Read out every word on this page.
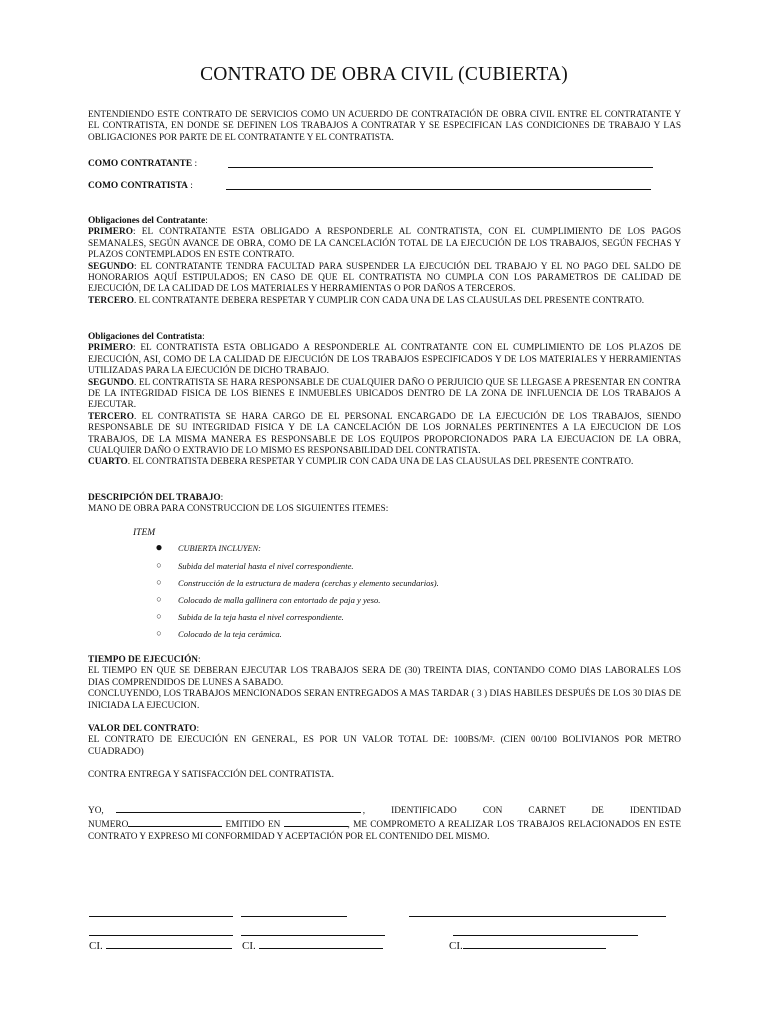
CONTRATO DE OBRA CIVIL (CUBIERTA)
ENTENDIENDO ESTE CONTRATO DE SERVICIOS COMO UN ACUERDO DE CONTRATACIÓN DE OBRA CIVIL ENTRE EL CONTRATANTE Y EL CONTRATISTA, EN DONDE SE DEFINEN LOS TRABAJOS A CONTRATAR Y SE ESPECIFICAN LAS CONDICIONES DE TRABAJO Y LAS OBLIGACIONES POR PARTE DE EL CONTRATANTE Y EL CONTRATISTA.
COMO CONTRATANTE :
COMO CONTRATISTA :
Obligaciones del Contratante:
PRIMERO: EL CONTRATANTE ESTA OBLIGADO A RESPONDERLE AL CONTRATISTA, CON EL CUMPLIMIENTO DE LOS PAGOS SEMANALES, SEGÚN AVANCE DE OBRA, COMO DE LA CANCELACIÓN TOTAL DE LA EJECUCIÓN DE LOS TRABAJOS, SEGÚN FECHAS Y PLAZOS CONTEMPLADOS EN ESTE CONTRATO.
SEGUNDO: EL CONTRATANTE TENDRA FACULTAD PARA SUSPENDER LA EJECUCIÓN DEL TRABAJO Y EL NO PAGO DEL SALDO DE HONORARIOS AQUÍ ESTIPULADOS; EN CASO DE QUE EL CONTRATISTA NO CUMPLA CON LOS PARAMETROS DE CALIDAD DE EJECUCIÓN, DE LA CALIDAD DE LOS MATERIALES Y HERRAMIENTAS O POR DAÑOS A TERCEROS.
TERCERO. EL CONTRATANTE DEBERA RESPETAR Y CUMPLIR CON CADA UNA DE LAS CLAUSULAS DEL PRESENTE CONTRATO.
Obligaciones del Contratista:
PRIMERO: EL CONTRATISTA ESTA OBLIGADO A RESPONDERLE AL CONTRATANTE CON EL CUMPLIMIENTO DE LOS PLAZOS DE EJECUCIÓN, ASI, COMO DE LA CALIDAD DE EJECUCIÓN DE LOS TRABAJOS ESPECIFICADOS Y DE LOS MATERIALES Y HERRAMIENTAS UTILIZADAS PARA LA EJECUCIÓN DE DICHO TRABAJO.
SEGUNDO. EL CONTRATISTA SE HARA RESPONSABLE DE CUALQUIER DAÑO O PERJUICIO QUE SE LLEGASE A PRESENTAR EN CONTRA DE LA INTEGRIDAD FISICA DE LOS BIENES E INMUEBLES UBICADOS DENTRO DE LA ZONA DE INFLUENCIA DE LOS TRABAJOS A EJECUTAR.
TERCERO. EL CONTRATISTA SE HARA CARGO DE EL PERSONAL ENCARGADO DE LA EJECUCIÓN DE LOS TRABAJOS, SIENDO RESPONSABLE DE SU INTEGRIDAD FISICA Y DE LA CANCELACIÓN DE LOS JORNALES PERTINENTES A LA EJECUCION DE LOS TRABAJOS, DE LA MISMA MANERA ES RESPONSABLE DE LOS EQUIPOS PROPORCIONADOS PARA LA EJECUACION DE LA OBRA, CUALQUIER DAÑO O EXTRAVIO DE LO MISMO ES RESPONSABILIDAD DEL CONTRATISTA.
CUARTO. EL CONTRATISTA DEBERA RESPETAR Y CUMPLIR CON CADA UNA DE LAS CLAUSULAS DEL PRESENTE CONTRATO.
DESCRIPCIÓN DEL TRABAJO:
MANO DE OBRA PARA CONSTRUCCION DE LOS SIGUIENTES ITEMES:
ITEM
● CUBIERTA INCLUYEN:
○	Subida del material hasta el nivel correspondiente.
○	Construcción de la estructura de madera (cerchas y elemento secundarios).
○	Colocado de malla gallinera con entortado de paja y yeso.
○	Subida de la teja hasta el nivel correspondiente.
○	Colocado de la teja cerámica.
TIEMPO DE EJECUCIÓN:
EL TIEMPO EN QUE SE DEBERAN EJECUTAR LOS TRABAJOS SERA DE (30) TREINTA DIAS, CONTANDO COMO DIAS LABORALES LOS DIAS COMPRENDIDOS DE LUNES A SABADO.
CONCLUYENDO, LOS TRABAJOS MENCIONADOS SERAN ENTREGADOS A MAS TARDAR ( 3 ) DIAS HABILES DESPUÉS DE LOS 30 DIAS DE INICIADA LA EJECUCION.
VALOR DEL CONTRATO:
EL CONTRATO DE EJECUCIÓN EN GENERAL, ES POR UN VALOR TOTAL DE: 100BS/M². (CIEN 00/100 BOLIVIANOS POR METRO CUADRADO)
CONTRA ENTREGA Y SATISFACCIÓN DEL CONTRATISTA.
YO,	, IDENTIFICADO CON CARNET DE IDENTIDAD
NUMERO	EMITIDO EN	, ME COMPROMETO A REALIZAR LOS TRABAJOS RELACIONADOS EN ESTE CONTRATO Y EXPRESO MI CONFORMIDAD Y ACEPTACIÓN POR EL CONTENIDO DEL MISMO.
CI.	CI.	CI.
